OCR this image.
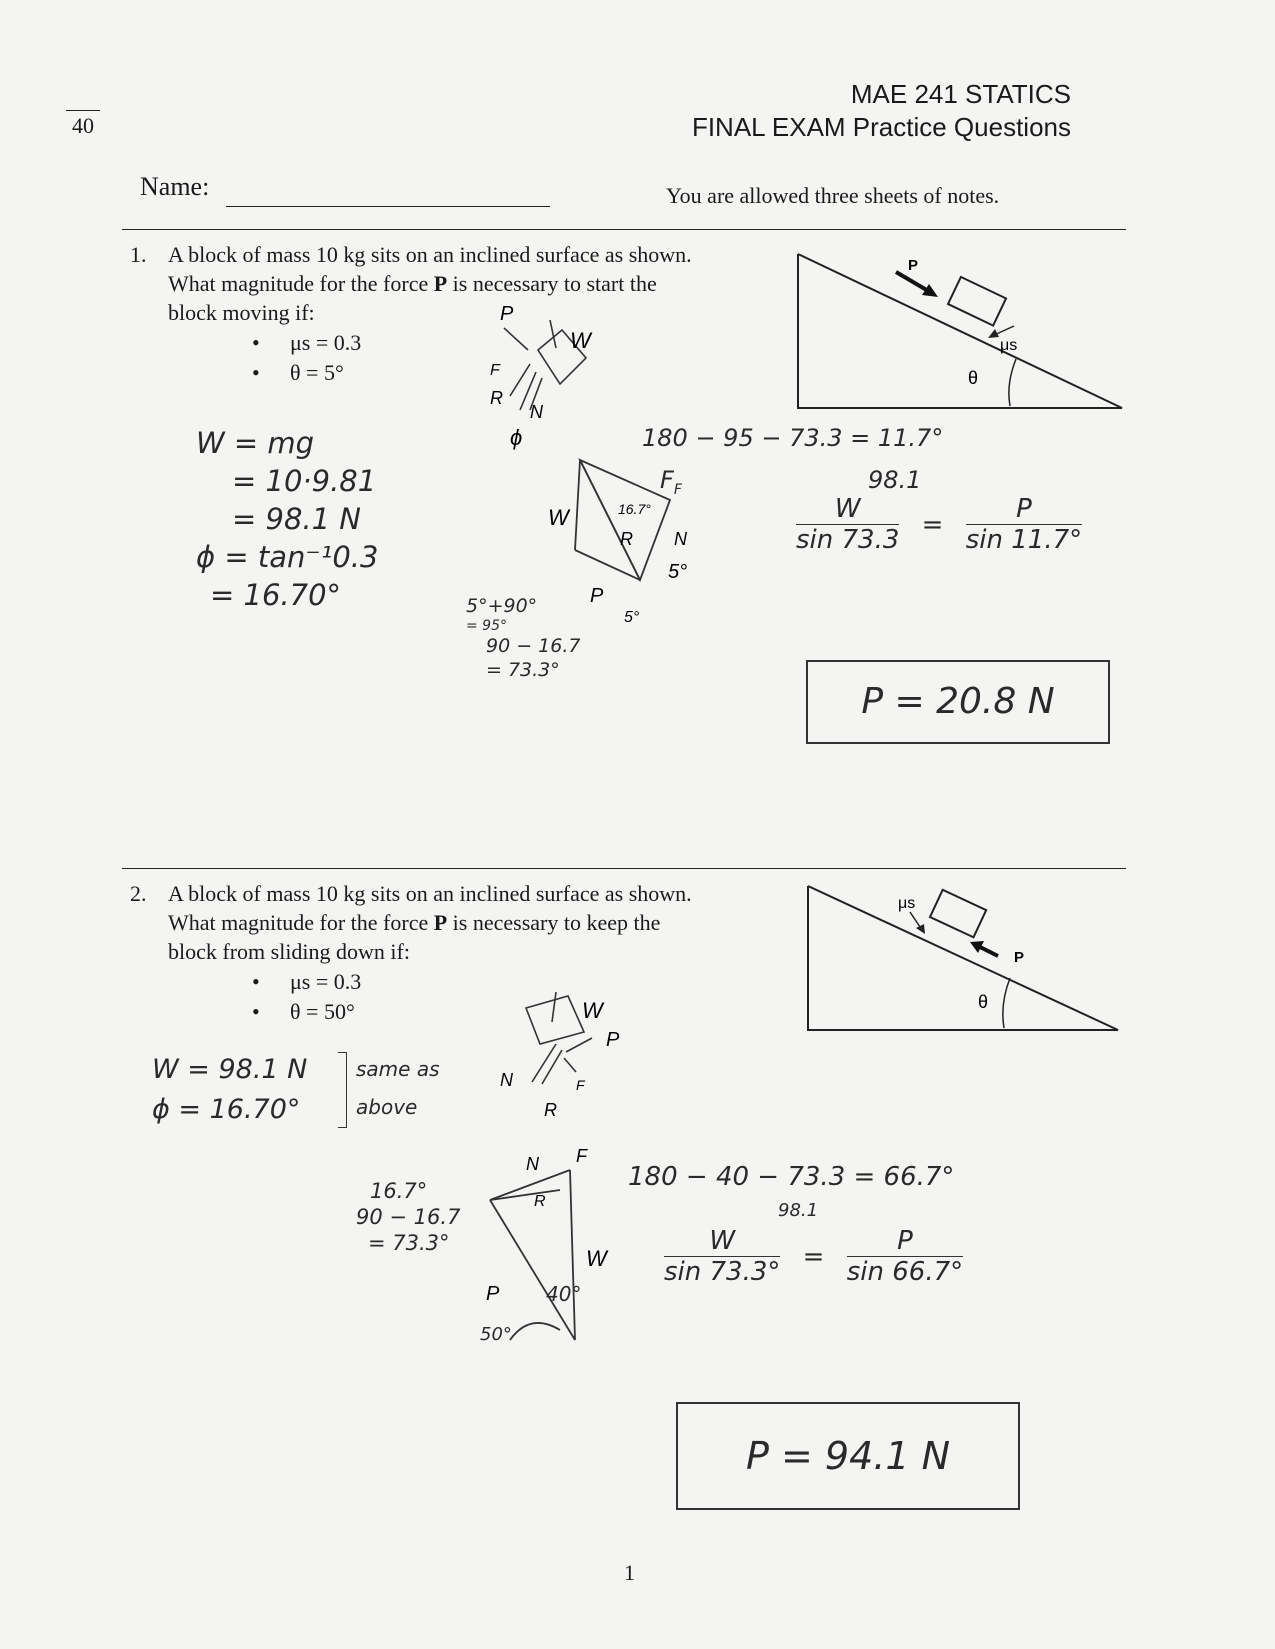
40
MAE 241 STATICS
FINAL EXAM Practice Questions
Name:	You are allowed three sheets of notes.
1. A block of mass 10 kg sits on an inclined surface as shown.
What magnitude for the force P is necessary to start the
block moving if:
• μs = 0.3
• θ = 5°
P
μs
θ
W = mg
= 10·9.81
= 98.1 N
ϕ = tan⁻¹0.3
= 16.70°
P
W
F
R
N
ϕ
W
R
16.7°
N
5°
P
5°
5°+90°
= 95°
90 − 16.7
= 73.3°
180 − 95 − 73.3 = 11.7°
$F_F$	98.1
$\frac{W}{\sin 73.3} = \frac{P}{\sin 11.7^\circ}$
P = 20.8 N
2. A block of mass 10 kg sits on an inclined surface as shown.
What magnitude for the force P is necessary to keep the
block from sliding down if:
• μs = 0.3
• θ = 50°
P
μs
θ
W = 98.1 N
ϕ = 16.70°
same as
above
W
P
N
R
F
N
R
F
W
P
16.7°
90 − 16.7
= 73.3°
40°
50°
180 − 40 − 73.3 = 66.7°
98.1
$\frac{W}{\sin 73.3^\circ} = \frac{P}{\sin 66.7^\circ}$
P = 94.1 N
1
